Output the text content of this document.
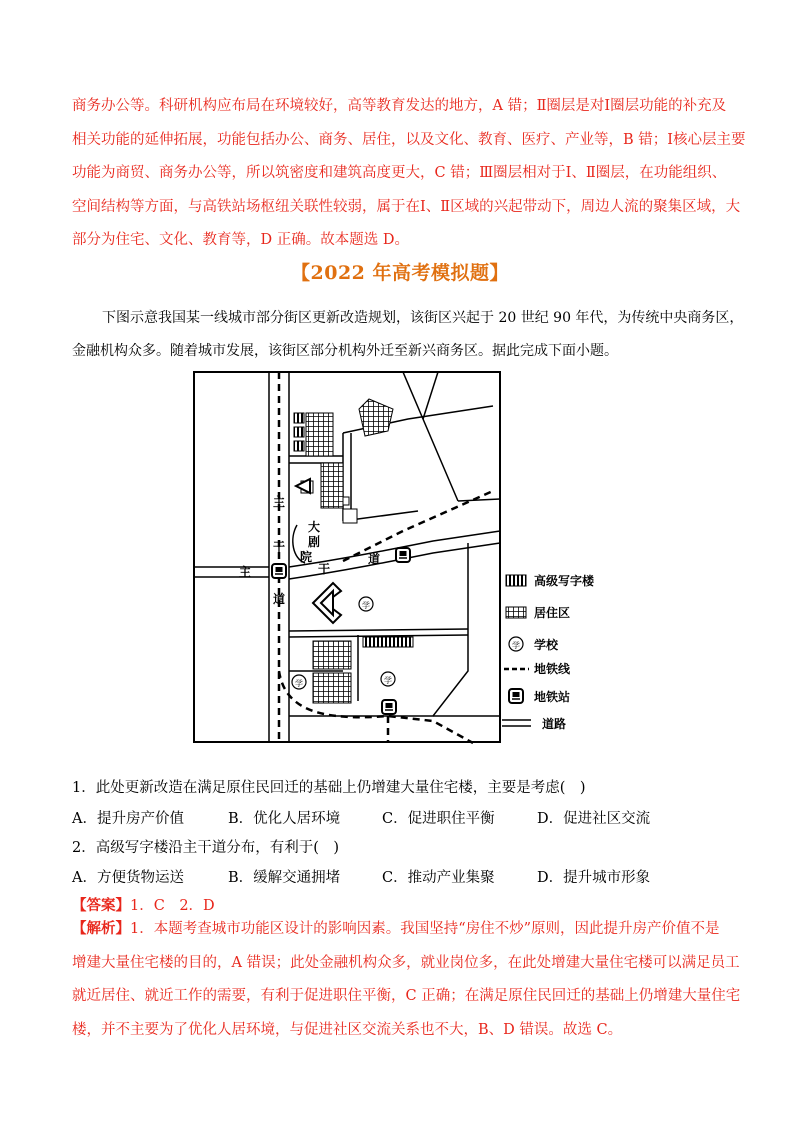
商务办公等。科研机构应布局在环境较好，高等教育发达的地方，A 错；Ⅱ圈层是对Ⅰ圈层功能的补充及
相关功能的延伸拓展，功能包括办公、商务、居住，以及文化、教育、医疗、产业等，B 错；Ⅰ核心层主要
功能为商贸、商务办公等，所以筑密度和建筑高度更大，C 错；Ⅲ圈层相对于Ⅰ、Ⅱ圈层，在功能组织、
空间结构等方面，与高铁站场枢纽关联性较弱，属于在Ⅰ、Ⅱ区域的兴起带动下，周边人流的聚集区域，大
部分为住宅、文化、教育等，D 正确。故本题选 D。
【2022 年高考模拟题】
下图示意我国某一线城市部分街区更新改造规划，该街区兴起于 20 世纪 90 年代，为传统中央商务区，
金融机构众多。随着城市发展，该街区部分机构外迁至新兴商务区。据此完成下面小题。
大
剧
院
主
干
道
主	干
道
学
学	学
高级写字楼
居住区
学 学校
地铁线
地铁站
道路
1．此处更新改造在满足原住民回迁的基础上仍增建大量住宅楼，主要是考虑(　)
A．提升房产价值	B．优化人居环境	C．促进职住平衡	D．促进社区交流
2．高级写字楼沿主干道分布，有利于(　)
A．方便货物运送	B．缓解交通拥堵	C．推动产业集聚	D．提升城市形象
【答案】1．C　2．D
【解析】1．本题考查城市功能区设计的影响因素。我国坚持“房住不炒”原则，因此提升房产价值不是
增建大量住宅楼的目的，A 错误；此处金融机构众多，就业岗位多，在此处增建大量住宅楼可以满足员工
就近居住、就近工作的需要，有利于促进职住平衡，C 正确；在满足原住民回迁的基础上仍增建大量住宅
楼，并不主要为了优化人居环境，与促进社区交流关系也不大，B、D 错误。故选 C。
